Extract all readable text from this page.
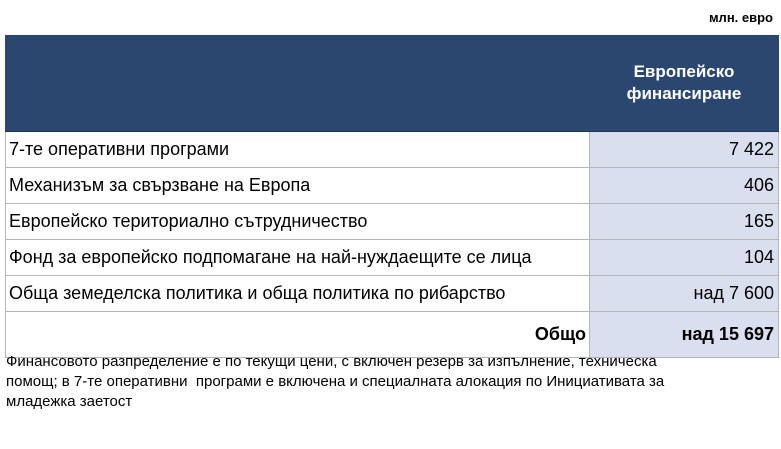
млн. евро

	Европейско
финансиране

7-те оперативни програми	7 422
Механизъм за свързване на Европа	406
Европейско териториално сътрудничество	165
Фонд за европейско подпомагане на най-нуждаещите се лица	104
Обща земеделска политика и обща политика по рибарство	над 7 600
Общо	над 15 697
Финансовото разпределение е по текущи цени, с включен резерв за изпълнение, техническа
помощ; в 7-те оперативни  програми е включена и специалната алокация по Инициативата за
младежка заетост
